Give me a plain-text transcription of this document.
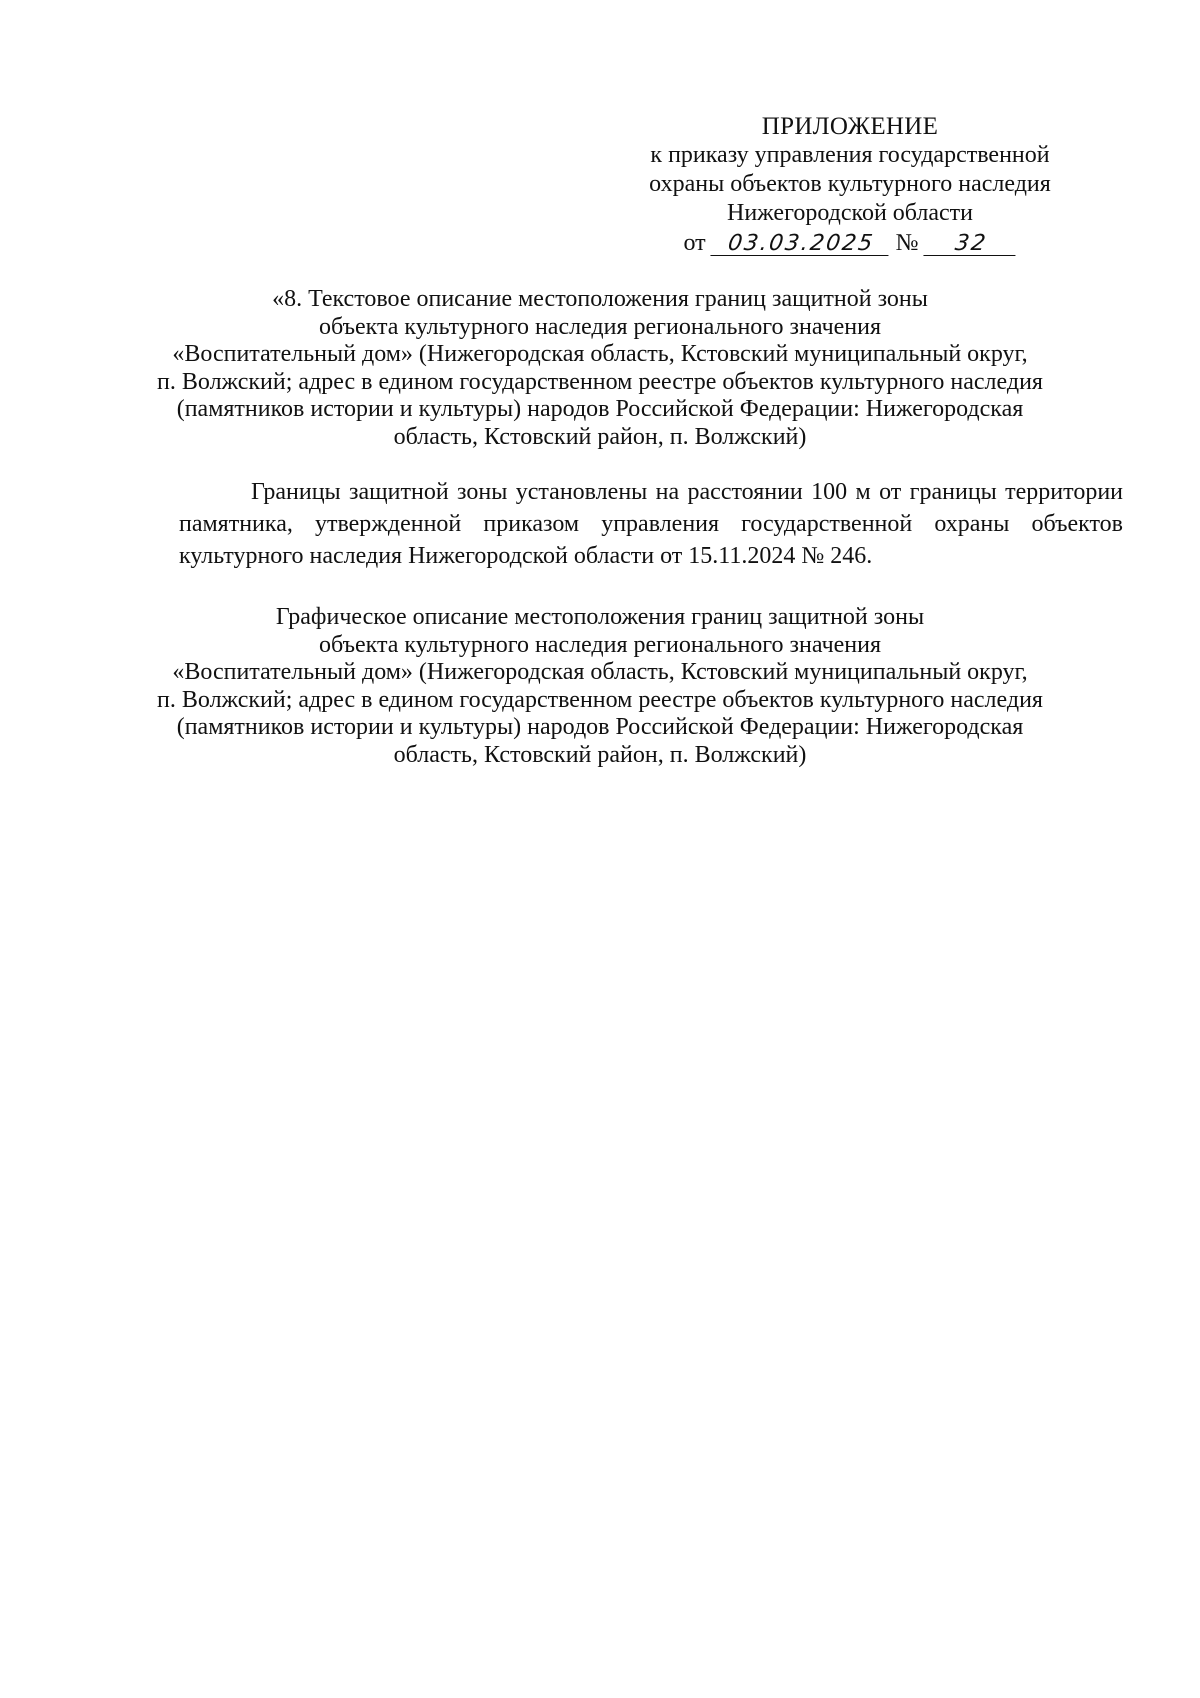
ПРИЛОЖЕНИЕ
к приказу управления государственной
охраны объектов культурного наследия
Нижегородской области
от 03.03.2025 № 32
«8. Текстовое описание местоположения границ защитной зоны
объекта культурного наследия регионального значения
«Воспитательный дом» (Нижегородская область, Кстовский муниципальный округ,
п. Волжский; адрес в едином государственном реестре объектов культурного наследия
(памятников истории и культуры) народов Российской Федерации: Нижегородская
область, Кстовский район, п. Волжский)
Границы защитной зоны установлены на расстоянии 100 м от границы территории
памятника, утвержденной приказом управления государственной охраны объектов
культурного наследия Нижегородской области от 15.11.2024 № 246.
Графическое описание местоположения границ защитной зоны
объекта культурного наследия регионального значения
«Воспитательный дом» (Нижегородская область, Кстовский муниципальный округ,
п. Волжский; адрес в едином государственном реестре объектов культурного наследия
(памятников истории и культуры) народов Российской Федерации: Нижегородская
область, Кстовский район, п. Волжский)
